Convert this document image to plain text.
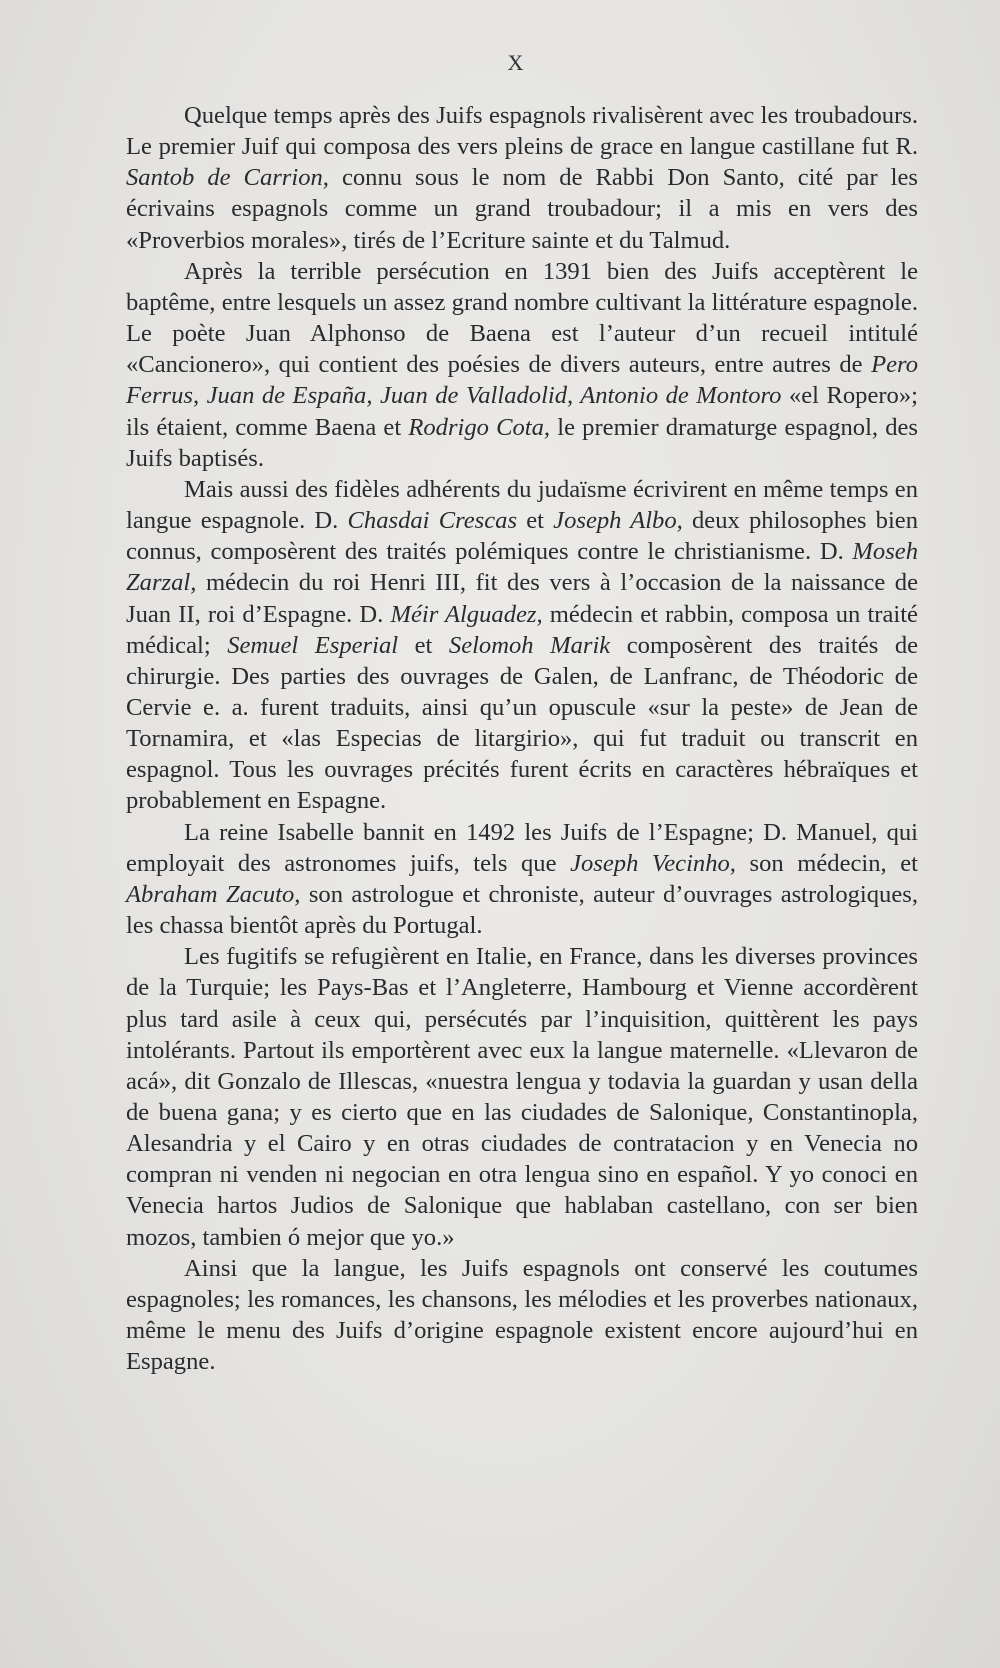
X

Quelque temps après des Juifs espagnols rivalisèrent avec les troubadours. Le premier Juif qui composa des vers pleins de grace en langue castillane fut R. Santob de Carrion, connu sous le nom de Rabbi Don Santo, cité par les écrivains espagnols comme un grand troubadour; il a mis en vers des «Proverbios morales», tirés de l’Ecriture sainte et du Talmud.

Après la terrible persécution en 1391 bien des Juifs acceptèrent le baptême, entre lesquels un assez grand nombre cultivant la littérature espagnole. Le poète Juan Alphonso de Baena est l’auteur d’un recueil intitulé «Cancionero», qui contient des poésies de divers auteurs, entre autres de Pero Ferrus, Juan de España, Juan de Valladolid, Antonio de Montoro «el Ropero»; ils étaient, comme Baena et Rodrigo Cota, le premier dramaturge espagnol, des Juifs baptisés.

Mais aussi des fidèles adhérents du judaïsme écrivirent en même temps en langue espagnole. D. Chasdai Crescas et Joseph Albo, deux philosophes bien connus, composèrent des traités polémiques contre le christianisme. D. Moseh Zarzal, médecin du roi Henri III, fit des vers à l’occasion de la naissance de Juan II, roi d’Espagne. D. Méir Alguadez, médecin et rabbin, composa un traité médical; Semuel Esperial et Selomoh Marik composèrent des traités de chirurgie. Des parties des ouvrages de Galen, de Lanfranc, de Théodoric de Cervie e. a. furent traduits, ainsi qu’un opuscule «sur la peste» de Jean de Tornamira, et «las Especias de litargirio», qui fut traduit ou transcrit en espagnol. Tous les ouvrages précités furent écrits en caractères hébraïques et probablement en Espagne.

La reine Isabelle bannit en 1492 les Juifs de l’Espagne; D. Manuel, qui employait des astronomes juifs, tels que Joseph Vecinho, son médecin, et Abraham Zacuto, son astrologue et chroniste, auteur d’ouvrages astrologiques, les chassa bientôt après du Portugal.

Les fugitifs se refugièrent en Italie, en France, dans les diverses provinces de la Turquie; les Pays-Bas et l’Angleterre, Hambourg et Vienne accordèrent plus tard asile à ceux qui, persécutés par l’inquisition, quittèrent les pays intolérants. Partout ils emportèrent avec eux la langue maternelle. «Llevaron de acá», dit Gonzalo de Illescas, «nuestra lengua y todavia la guardan y usan della de buena gana; y es cierto que en las ciudades de Salonique, Constantinopla, Alesandria y el Cairo y en otras ciudades de contratacion y en Venecia no compran ni venden ni negocian en otra lengua sino en español. Y yo conoci en Venecia hartos Judios de Salonique que hablaban castellano, con ser bien mozos, tambien ó mejor que yo.»

Ainsi que la langue, les Juifs espagnols ont conservé les coutumes espagnoles; les romances, les chansons, les mélodies et les proverbes nationaux, même le menu des Juifs d’origine espagnole existent encore aujourd’hui en Espagne.
